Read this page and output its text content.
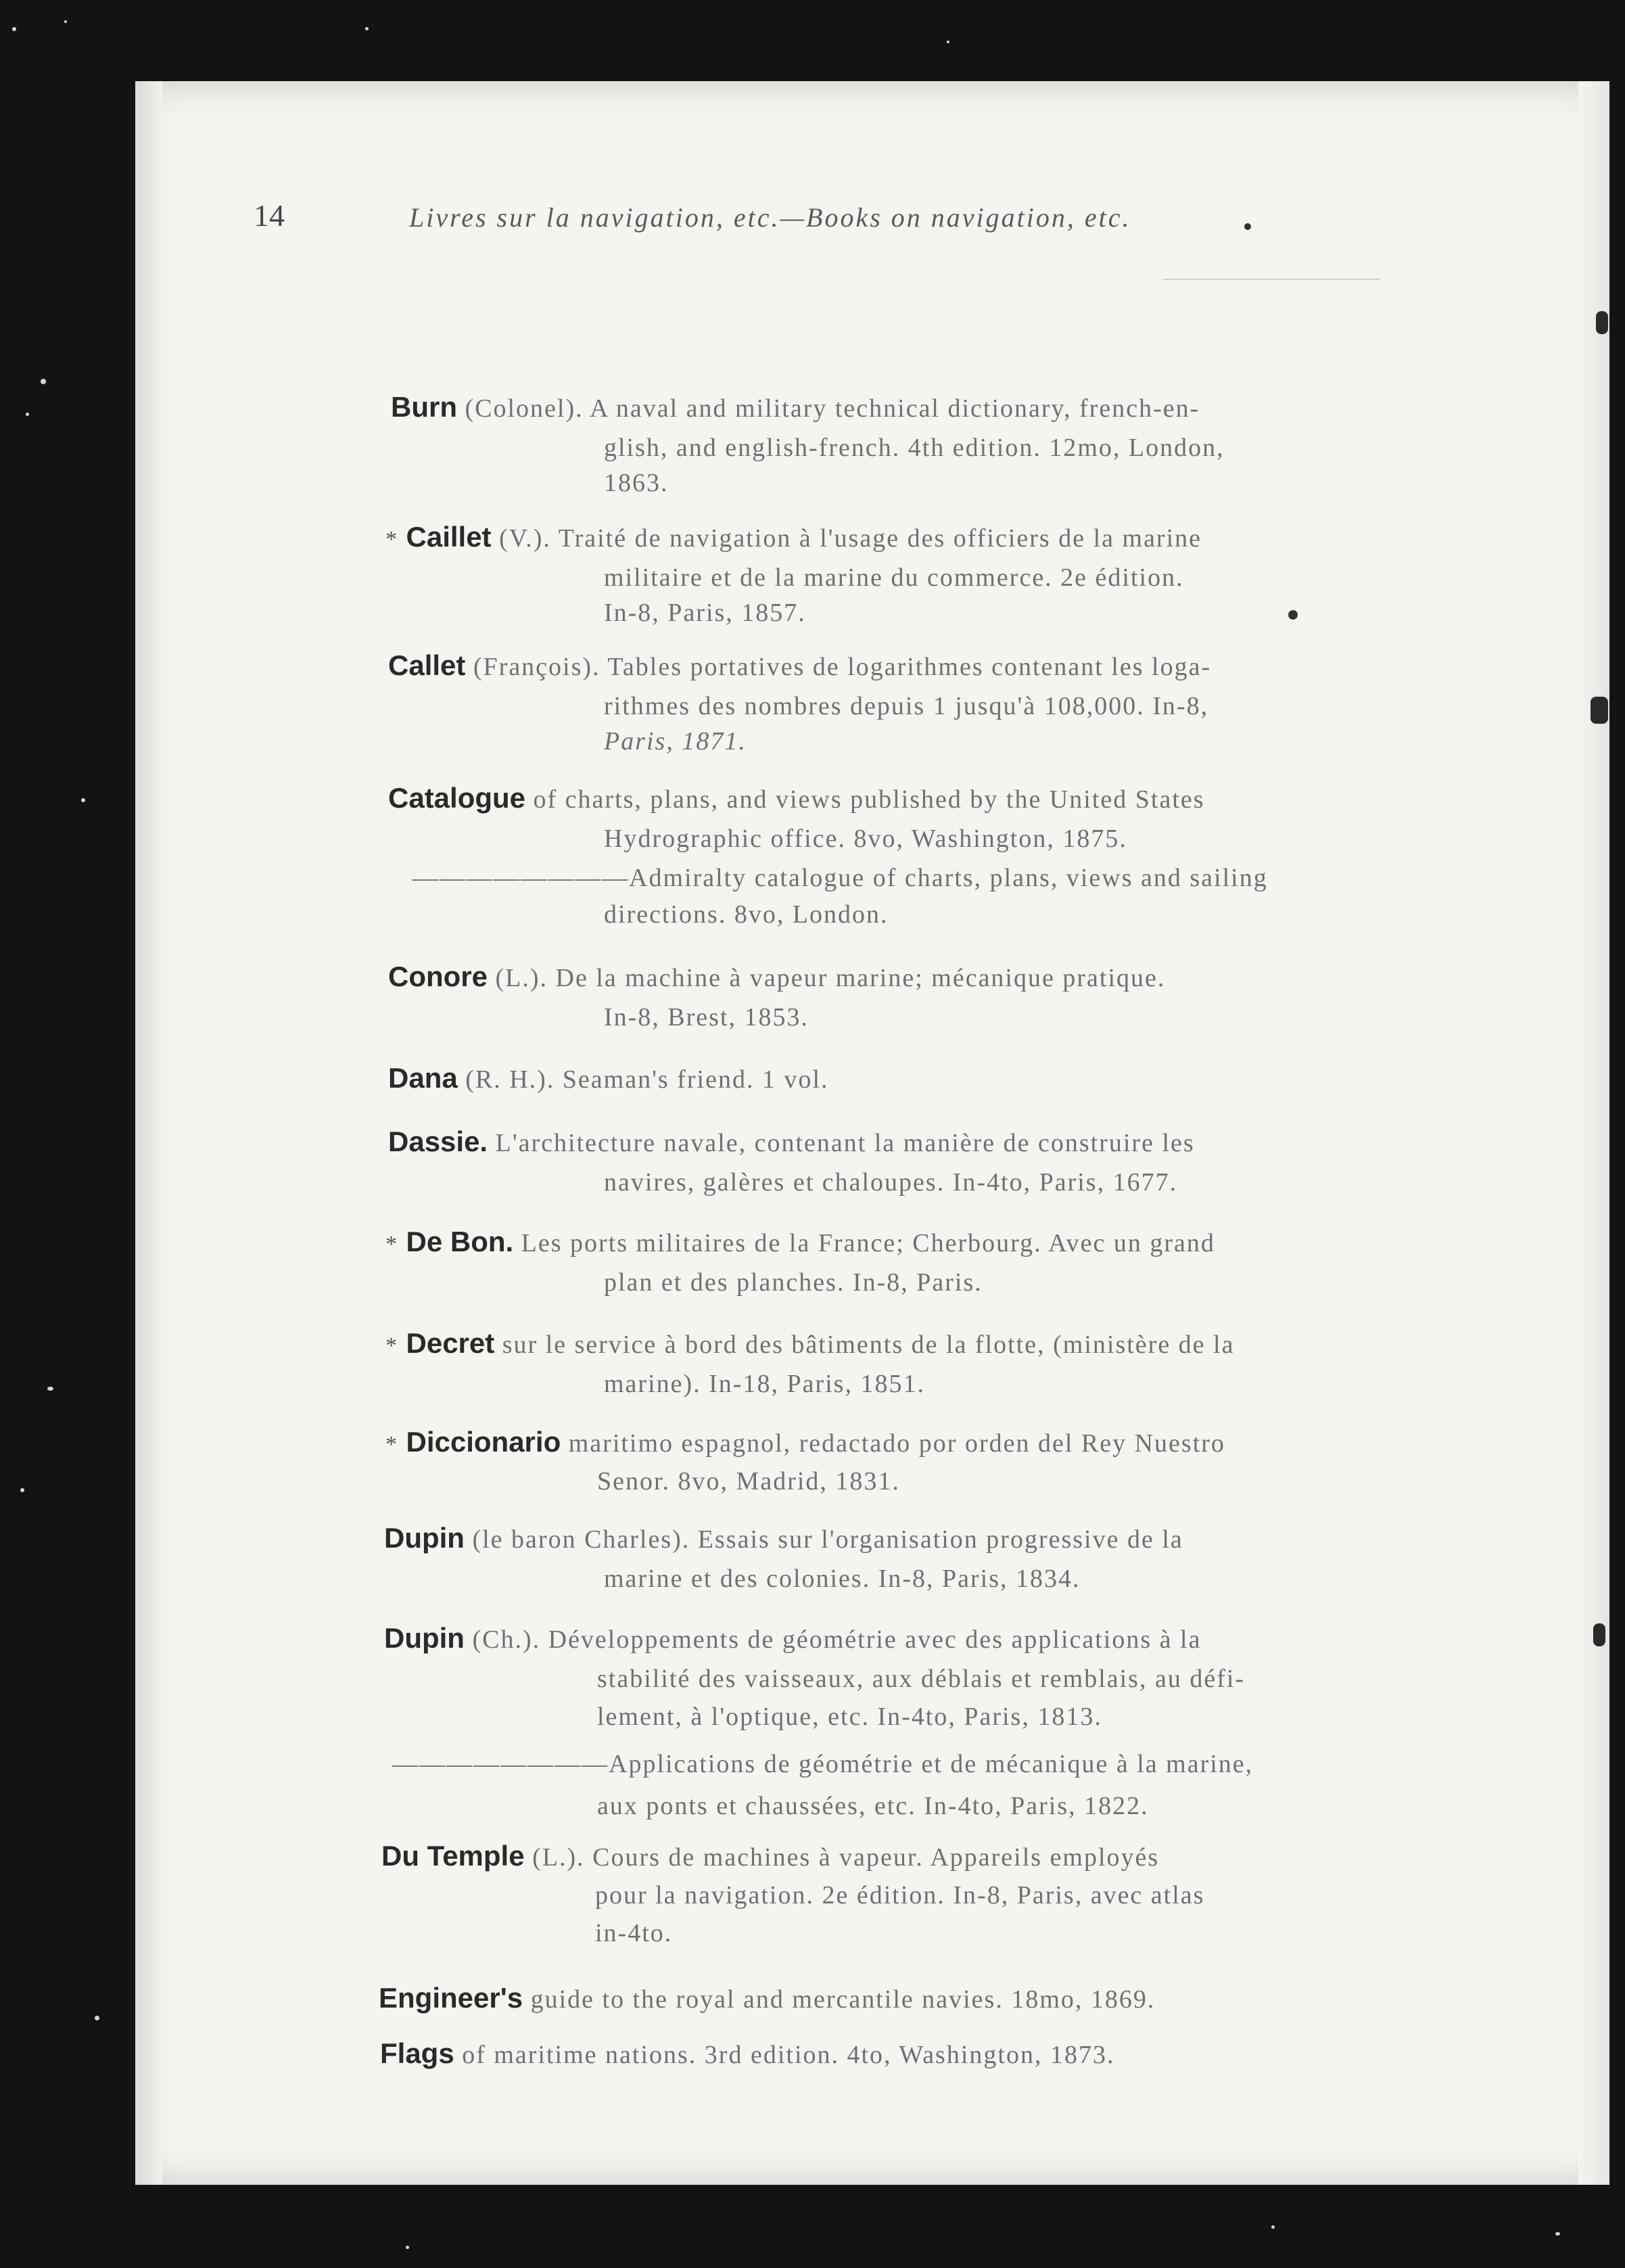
14	Livres sur la navigation, etc.—Books on navigation, etc.
Burn (Colonel). A naval and military technical dictionary, french-en-
glish, and english-french. 4th edition. 12mo, London,
1863.
* Caillet (V.). Traité de navigation à l'usage des officiers de la marine
militaire et de la marine du commerce. 2e édition.
In-8, Paris, 1857.
Callet (François). Tables portatives de logarithmes contenant les loga-
rithmes des nombres depuis 1 jusqu'à 108,000. In-8,
Paris, 1871.
Catalogue of charts, plans, and views published by the United States
Hydrographic office. 8vo, Washington, 1875.
————————Admiralty catalogue of charts, plans, views and sailing
directions. 8vo, London.
Conore (L.). De la machine à vapeur marine; mécanique pratique.
In-8, Brest, 1853.
Dana (R. H.). Seaman's friend. 1 vol.
Dassie. L'architecture navale, contenant la manière de construire les
navires, galères et chaloupes. In-4to, Paris, 1677.
* De Bon. Les ports militaires de la France; Cherbourg. Avec un grand
plan et des planches. In-8, Paris.
* Decret sur le service à bord des bâtiments de la flotte, (ministère de la
marine). In-18, Paris, 1851.
* Diccionario maritimo espagnol, redactado por orden del Rey Nuestro
Senor. 8vo, Madrid, 1831.
Dupin (le baron Charles). Essais sur l'organisation progressive de la
marine et des colonies. In-8, Paris, 1834.
Dupin (Ch.). Développements de géométrie avec des applications à la
stabilité des vaisseaux, aux déblais et remblais, au défi-
lement, à l'optique, etc. In-4to, Paris, 1813.
————————Applications de géométrie et de mécanique à la marine,
aux ponts et chaussées, etc. In-4to, Paris, 1822.
Du Temple (L.). Cours de machines à vapeur. Appareils employés
pour la navigation. 2e édition. In-8, Paris, avec atlas
in-4to.
Engineer's guide to the royal and mercantile navies. 18mo, 1869.
Flags of maritime nations. 3rd edition. 4to, Washington, 1873.
